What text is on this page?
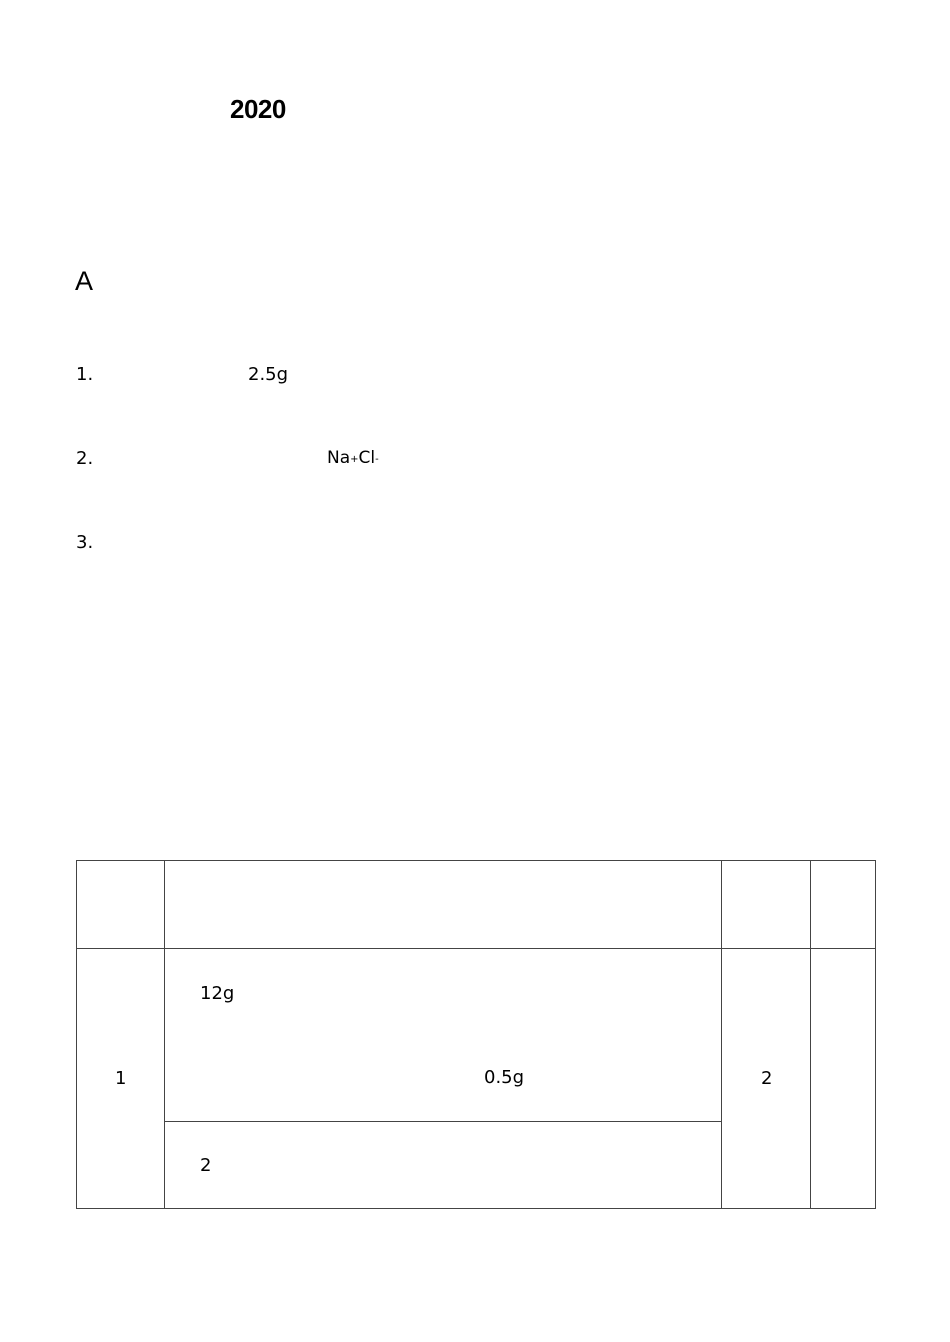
2020
A
1.	2.5g
2.	Na+Cl-
3.
1
12g
0.5g
2
2
